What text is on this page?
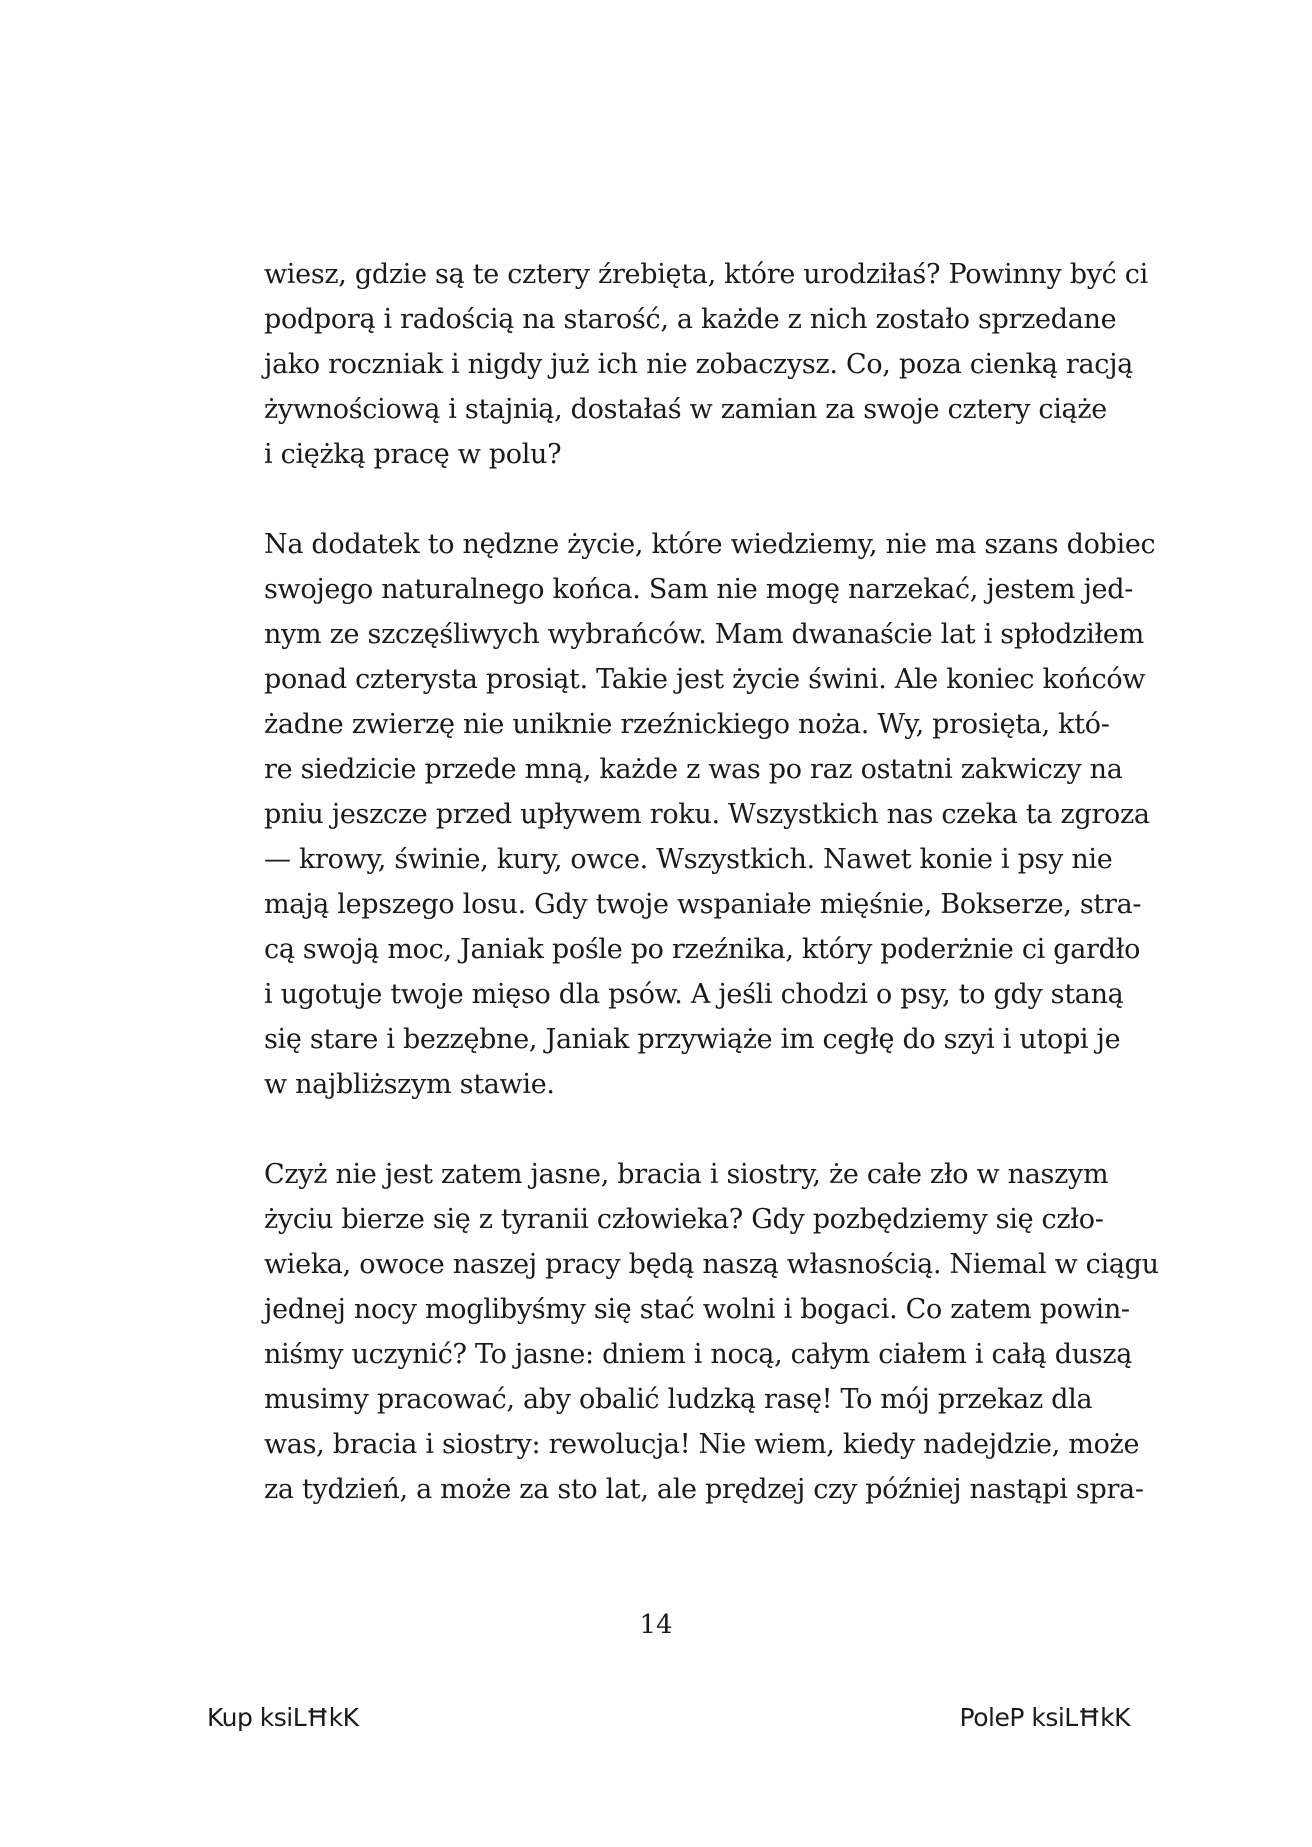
wiesz, gdzie są te cztery źrebięta, które urodziłaś? Powinny być ci
podporą i radością na starość, a każde z nich zostało sprzedane
jako roczniak i nigdy już ich nie zobaczysz. Co, poza cienką racją
żywnościową i stajnią, dostałaś w zamian za swoje cztery ciąże
i ciężką pracę w polu?

Na dodatek to nędzne życie, które wiedziemy, nie ma szans dobiec
swojego naturalnego końca. Sam nie mogę narzekać, jestem jed-
nym ze szczęśliwych wybrańców. Mam dwanaście lat i spłodziłem
ponad czterysta prosiąt. Takie jest życie świni. Ale koniec końców
żadne zwierzę nie uniknie rzeźnickiego noża. Wy, prosięta, któ-
re siedzicie przede mną, każde z was po raz ostatni zakwiczy na
pniu jeszcze przed upływem roku. Wszystkich nas czeka ta zgroza
— krowy, świnie, kury, owce. Wszystkich. Nawet konie i psy nie
mają lepszego losu. Gdy twoje wspaniałe mięśnie, Bokserze, stra-
cą swoją moc, Janiak pośle po rzeźnika, który poderżnie ci gardło
i ugotuje twoje mięso dla psów. A jeśli chodzi o psy, to gdy staną
się stare i bezzębne, Janiak przywiąże im cegłę do szyi i utopi je
w najbliższym stawie.

Czyż nie jest zatem jasne, bracia i siostry, że całe zło w naszym
życiu bierze się z tyranii człowieka? Gdy pozbędziemy się czło-
wieka, owoce naszej pracy będą naszą własnością. Niemal w ciągu
jednej nocy moglibyśmy się stać wolni i bogaci. Co zatem powin-
niśmy uczynić? To jasne: dniem i nocą, całym ciałem i całą duszą
musimy pracować, aby obalić ludzką rasę! To mój przekaz dla
was, bracia i siostry: rewolucja! Nie wiem, kiedy nadejdzie, może
za tydzień, a może za sto lat, ale prędzej czy później nastąpi spra-

14
Kup ksiLĦkK	PoleP ksiLĦkK
